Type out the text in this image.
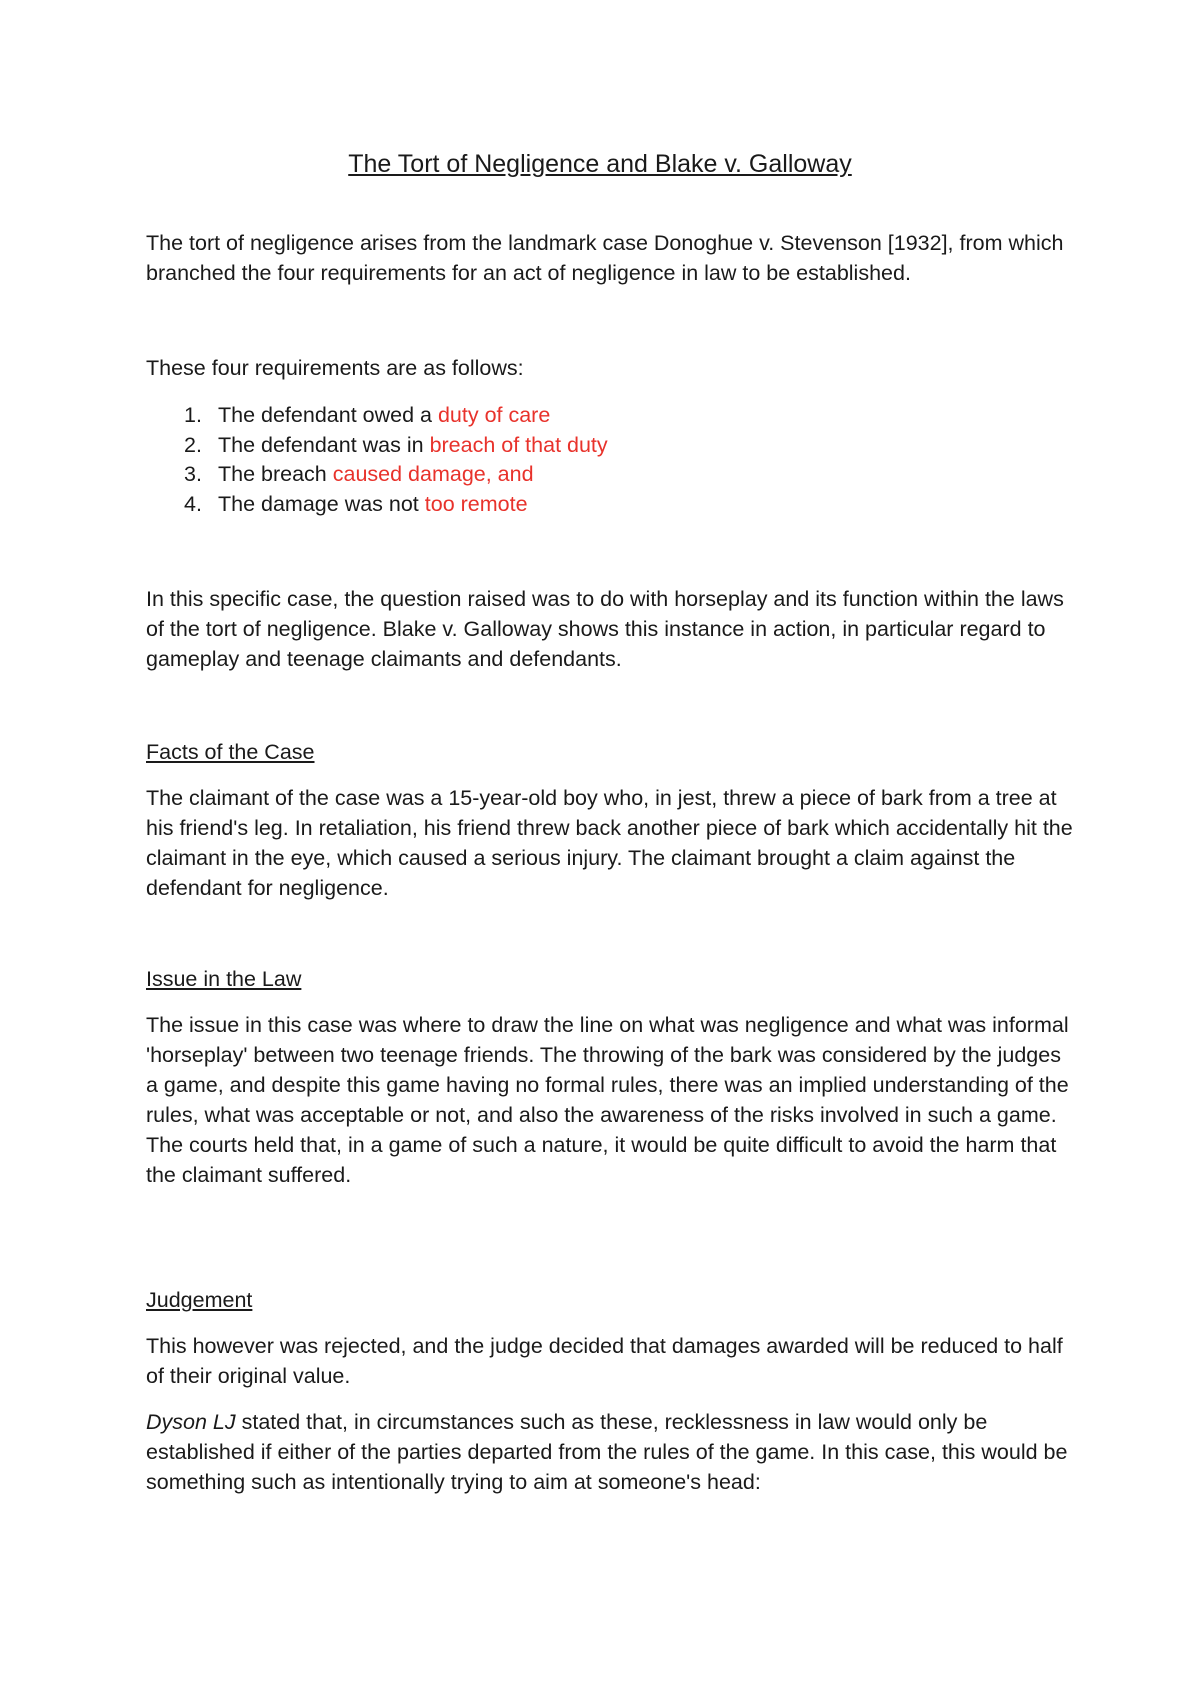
The Tort of Negligence and Blake v. Galloway

The tort of negligence arises from the landmark case Donoghue v. Stevenson [1932], from which branched the four requirements for an act of negligence in law to be established.

These four requirements are as follows:

1. The defendant owed a duty of care
2. The defendant was in breach of that duty
3. The breach caused damage, and
4. The damage was not too remote

In this specific case, the question raised was to do with horseplay and its function within the laws of the tort of negligence. Blake v. Galloway shows this instance in action, in particular regard to gameplay and teenage claimants and defendants.

Facts of the Case

The claimant of the case was a 15-year-old boy who, in jest, threw a piece of bark from a tree at his friend's leg. In retaliation, his friend threw back another piece of bark which accidentally hit the claimant in the eye, which caused a serious injury. The claimant brought a claim against the defendant for negligence.

Issue in the Law

The issue in this case was where to draw the line on what was negligence and what was informal 'horseplay' between two teenage friends. The throwing of the bark was considered by the judges a game, and despite this game having no formal rules, there was an implied understanding of the rules, what was acceptable or not, and also the awareness of the risks involved in such a game. The courts held that, in a game of such a nature, it would be quite difficult to avoid the harm that the claimant suffered.

Judgement

This however was rejected, and the judge decided that damages awarded will be reduced to half of their original value.

Dyson LJ stated that, in circumstances such as these, recklessness in law would only be established if either of the parties departed from the rules of the game. In this case, this would be something such as intentionally trying to aim at someone's head:
